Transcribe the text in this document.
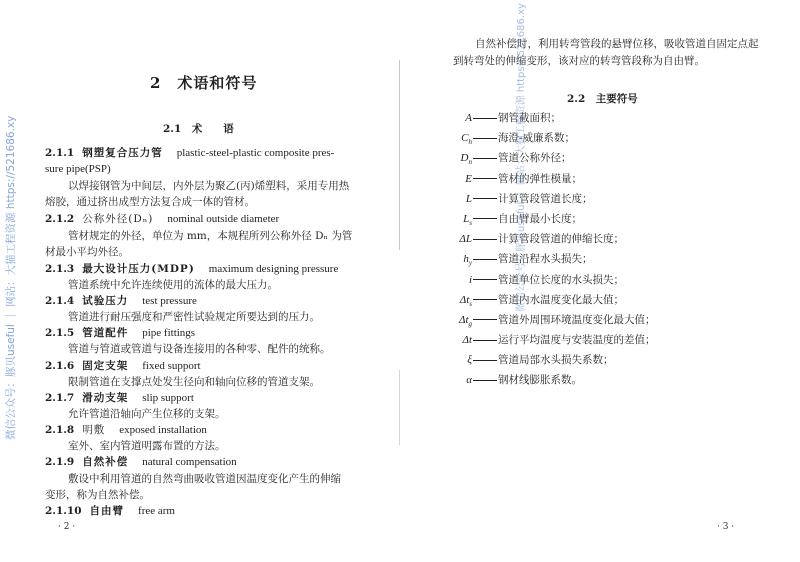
2　术语和符号
2.1　术　　语
2.1.1 钢塑复合压力管 plastic-steel-plastic composite pres-
sure pipe(PSP)
以焊接钢管为中间层，内外层为聚乙(丙)烯塑料，采用专用热
熔胶，通过挤出成型方法复合成一体的管材。
2.1.2 公称外径(Dₙ) nominal outside diameter
管材规定的外径，单位为 mm，本规程所列公称外径 Dₙ 为管
材最小平均外径。
2.1.3 最大设计压力(MDP) maximum designing pressure
管道系统中允许连续使用的流体的最大压力。
2.1.4 试验压力 test pressure
管道进行耐压强度和严密性试验规定所要达到的压力。
2.1.5 管道配件 pipe fittings
管道与管道或管道与设备连接用的各种零、配件的统称。
2.1.6 固定支架 fixed support
限制管道在支撑点处发生径向和轴向位移的管道支架。
2.1.7 滑动支架 slip support
允许管道沿轴向产生位移的支架。
2.1.8 明敷 exposed installation
室外、室内管道明露布置的方法。
2.1.9 自然补偿 natural compensation
敷设中利用管道的自然弯曲吸收管道因温度变化产生的伸缩
变形，称为自然补偿。
2.1.10 自由臂 free arm
· 2 ·
自然补偿时，利用转弯管段的悬臂位移，吸收管道自固定点起
到转弯处的伸缩变形，该对应的转弯管段称为自由臂。
2.2　主要符号
A 钢管截面积；
$C_h$ 海澄-威廉系数；
$D_n$ 管道公称外径；
E 管材的弹性模量；
L 计算管段管道长度；
$L_s$ 自由臂最小长度；
ΔL 计算管段管道的伸缩长度；
$h_y$ 管道沿程水头损失；
i 管道单位长度的水头损失；
$\Delta t_s$ 管道内水温度变化最大值；
$\Delta t_g$ 管道外周围环境温度变化最大值；
Δt 运行平均温度与安装温度的差值；
ξ 管道局部水头损失系数；
α 钢材线膨胀系数。
· 3 ·
微信公众号：豚贝useful ｜ 网站：大猫工程资源 https://521686.xy	微信公众号：豚贝useful ｜ 网站：大猫工程资源 https://521686.xy
